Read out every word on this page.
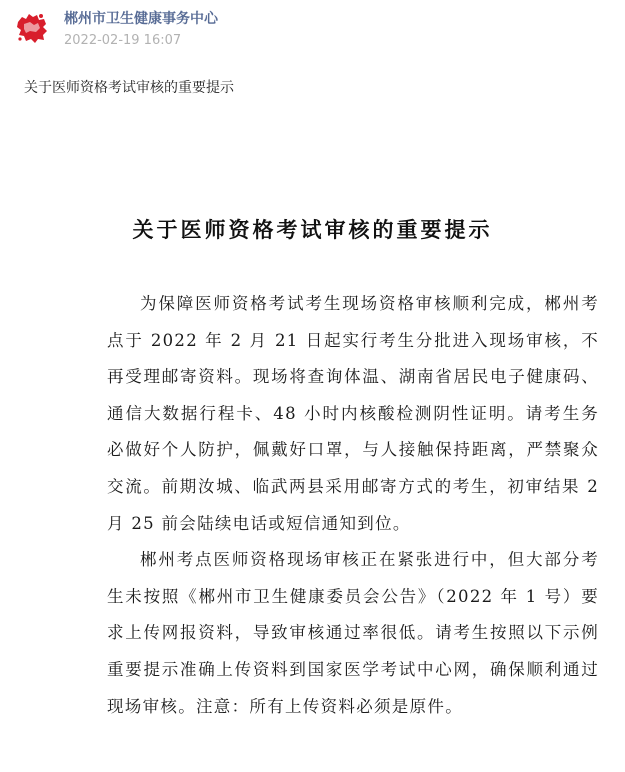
郴州市卫生健康事务中心
2022-02-19 16:07
关于医师资格考试审核的重要提示
关于医师资格考试审核的重要提示

为保障医师资格考试考生现场资格审核顺利完成，郴州考点于 2022 年 2 月 21 日起实行考生分批进入现场审核，不再受理邮寄资料。现场将查询体温、湖南省居民电子健康码、通信大数据行程卡、48 小时内核酸检测阴性证明。请考生务必做好个人防护，佩戴好口罩，与人接触保持距离，严禁聚众交流。前期汝城、临武两县采用邮寄方式的考生，初审结果 2 月 25 前会陆续电话或短信通知到位。

郴州考点医师资格现场审核正在紧张进行中，但大部分考生未按照《郴州市卫生健康委员会公告》（2022 年 1 号）要求上传网报资料，导致审核通过率很低。请考生按照以下示例重要提示准确上传资料到国家医学考试中心网，确保顺利通过现场审核。注意：所有上传资料必须是原件。
